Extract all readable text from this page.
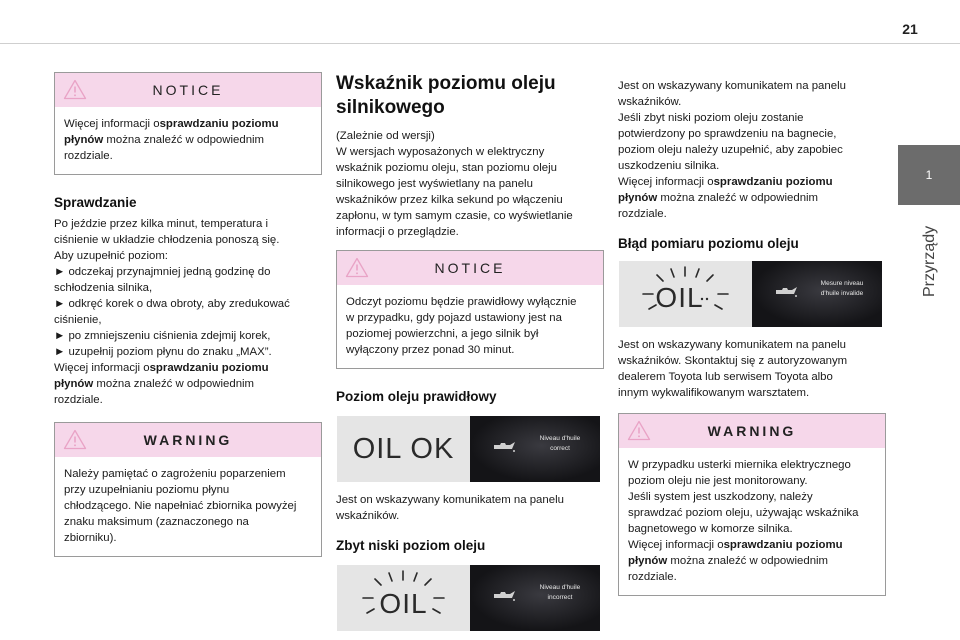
21
1
Przyrządy
NOTICE
Więcej informacji osprawdzaniu poziomu
płynów można znaleźć w odpowiednim
rozdziale.
Sprawdzanie
Po jeździe przez kilka minut, temperatura i
ciśnienie w układzie chłodzenia ponoszą się.
Aby uzupełnić poziom:
► odczekaj przynajmniej jedną godzinę do
schłodzenia silnika,
► odkręć korek o dwa obroty, aby zredukować
ciśnienie,
► po zmniejszeniu ciśnienia zdejmij korek,
► uzupełnij poziom płynu do znaku „MAX”.
Więcej informacji osprawdzaniu poziomu
płynów można znaleźć w odpowiednim
rozdziale.
WARNING
Należy pamiętać o zagrożeniu poparzeniem
przy uzupełnianiu poziomu płynu
chłodzącego. Nie napełniać zbiornika powyżej
znaku maksimum (zaznaczonego na
zbiorniku).
Wskaźnik poziomu oleju
silnikowego
(Zależnie od wersji)
W wersjach wyposażonych w elektryczny
wskaźnik poziomu oleju, stan poziomu oleju
silnikowego jest wyświetlany na panelu
wskaźników przez kilka sekund po włączeniu
zapłonu, w tym samym czasie, co wyświetlanie
informacji o przeglądzie.
NOTICE
Odczyt poziomu będzie prawidłowy wyłącznie
w przypadku, gdy pojazd ustawiony jest na
poziomej powierzchni, a jego silnik był
wyłączony przez ponad 30 minut.
Poziom oleju prawidłowy
OIL OK	Niveau d'huile
correct
Jest on wskazywany komunikatem na panelu
wskaźników.
Zbyt niski poziom oleju
OIL
Niveau d'huile
incorrect
Jest on wskazywany komunikatem na panelu
wskaźników.
Jeśli zbyt niski poziom oleju zostanie
potwierdzony po sprawdzeniu na bagnecie,
poziom oleju należy uzupełnić, aby zapobiec
uszkodzeniu silnika.
Więcej informacji osprawdzaniu poziomu
płynów można znaleźć w odpowiednim
rozdziale.
Błąd pomiaru poziomu oleju
OIL	Mesure niveau
d'huile invalide
Jest on wskazywany komunikatem na panelu
wskaźników. Skontaktuj się z autoryzowanym
dealerem Toyota lub serwisem Toyota albo
innym wykwalifikowanym warsztatem.
WARNING
W przypadku usterki miernika elektrycznego
poziom oleju nie jest monitorowany.
Jeśli system jest uszkodzony, należy
sprawdzać poziom oleju, używając wskaźnika
bagnetowego w komorze silnika.
Więcej informacji osprawdzaniu poziomu
płynów można znaleźć w odpowiednim
rozdziale.
